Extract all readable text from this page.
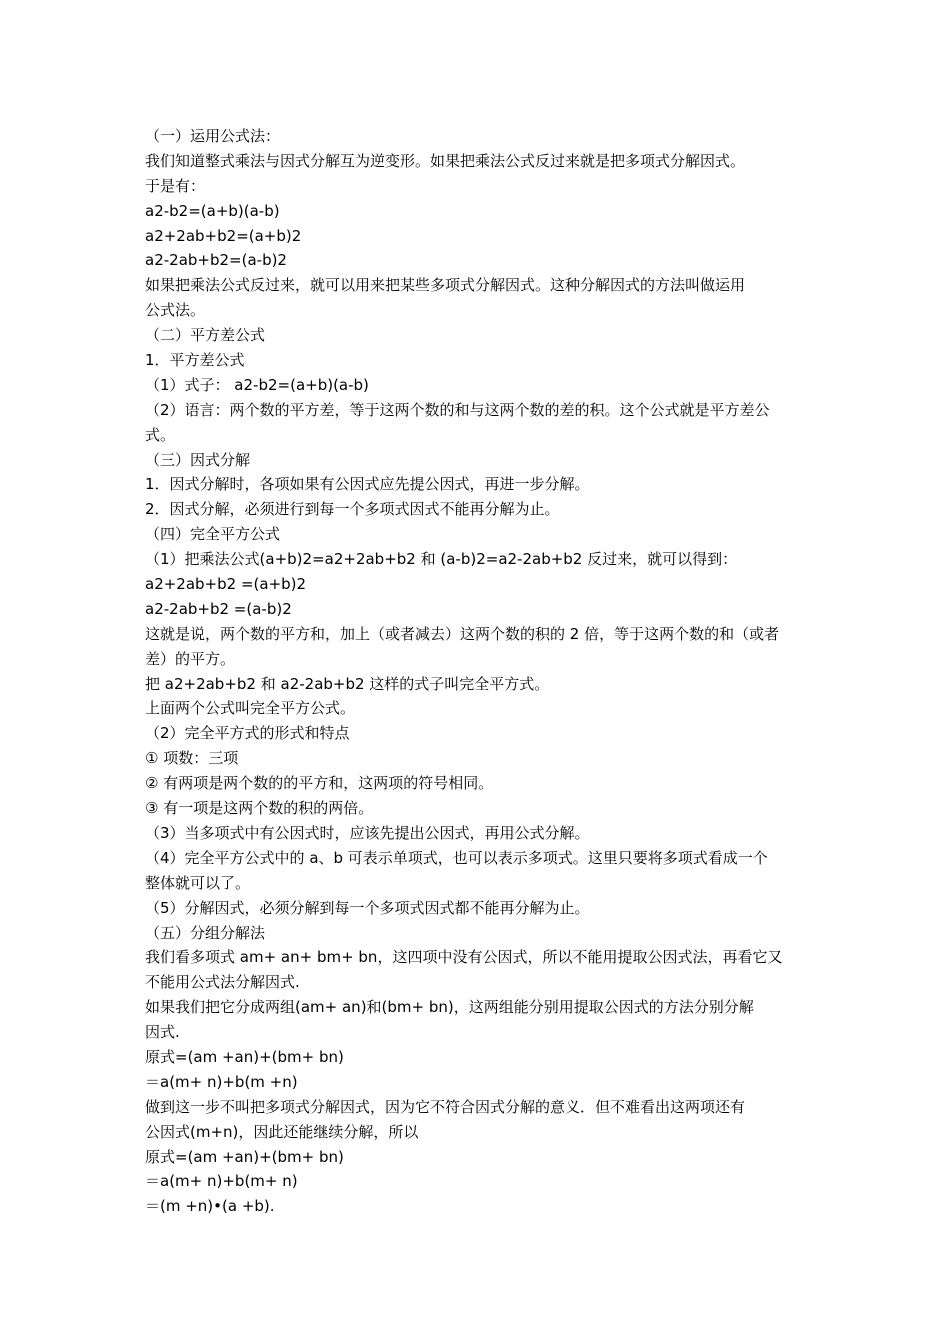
（一）运用公式法：

我们知道整式乘法与因式分解互为逆变形。如果把乘法公式反过来就是把多项式分解因式。

于是有：

a2-b2=(a+b)(a-b)

a2+2ab+b2=(a+b)2

a2-2ab+b2=(a-b)2

如果把乘法公式反过来，就可以用来把某些多项式分解因式。这种分解因式的方法叫做运用

公式法。

（二）平方差公式

1．平方差公式

（1）式子： a2-b2=(a+b)(a-b)

（2）语言：两个数的平方差，等于这两个数的和与这两个数的差的积。这个公式就是平方差公

式。

（三）因式分解

1．因式分解时，各项如果有公因式应先提公因式，再进一步分解。

2．因式分解，必须进行到每一个多项式因式不能再分解为止。

（四）完全平方公式

（1）把乘法公式(a+b)2=a2+2ab+b2 和 (a-b)2=a2-2ab+b2 反过来，就可以得到：

a2+2ab+b2 =(a+b)2

a2-2ab+b2 =(a-b)2

这就是说，两个数的平方和，加上（或者减去）这两个数的积的 2 倍，等于这两个数的和（或者

差）的平方。

把 a2+2ab+b2 和 a2-2ab+b2 这样的式子叫完全平方式。

上面两个公式叫完全平方公式。

（2）完全平方式的形式和特点

① 项数：三项

② 有两项是两个数的的平方和，这两项的符号相同。

③ 有一项是这两个数的积的两倍。

（3）当多项式中有公因式时，应该先提出公因式，再用公式分解。

（4）完全平方公式中的 a、b 可表示单项式，也可以表示多项式。这里只要将多项式看成一个

整体就可以了。

（5）分解因式，必须分解到每一个多项式因式都不能再分解为止。

（五）分组分解法

我们看多项式 am+ an+ bm+ bn，这四项中没有公因式，所以不能用提取公因式法，再看它又

不能用公式法分解因式.

如果我们把它分成两组(am+ an)和(bm+ bn)，这两组能分别用提取公因式的方法分别分解

因式.

原式=(am +an)+(bm+ bn)

＝a(m+ n)+b(m +n)

做到这一步不叫把多项式分解因式，因为它不符合因式分解的意义．但不难看出这两项还有

公因式(m+n)，因此还能继续分解，所以

原式=(am +an)+(bm+ bn)

＝a(m+ n)+b(m+ n)

＝(m +n)•(a +b).
